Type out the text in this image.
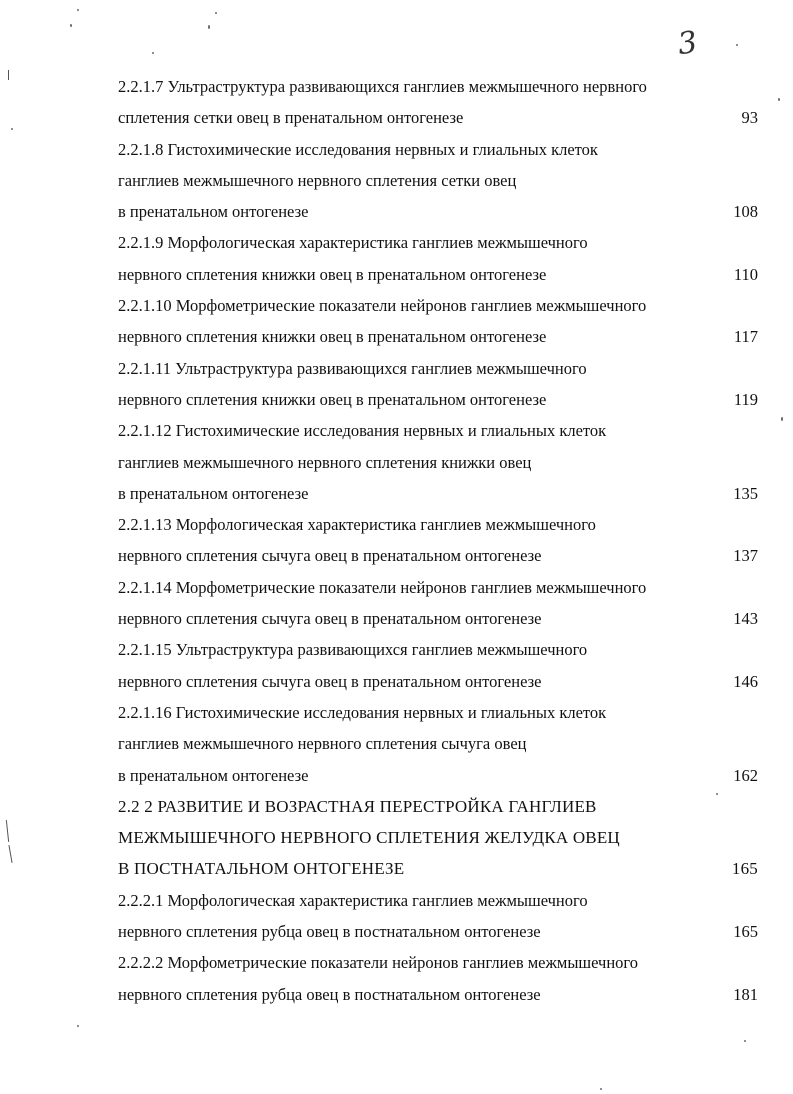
3
2.2.1.7 Ультраструктура развивающихся ганглиев межмышечного нервного
сплетения сетки овец в пренатальном онтогенезе	93
2.2.1.8 Гистохимические исследования нервных и глиальных клеток
ганглиев межмышечного нервного сплетения сетки овец
в пренатальном онтогенезе	108
2.2.1.9 Морфологическая характеристика ганглиев межмышечного
нервного сплетения книжки овец в пренатальном онтогенезе	110
2.2.1.10 Морфометрические показатели нейронов ганглиев межмышечного
нервного сплетения книжки овец в пренатальном онтогенезе	117
2.2.1.11 Ультраструктура развивающихся ганглиев межмышечного
нервного сплетения книжки овец в пренатальном онтогенезе	119
2.2.1.12 Гистохимические исследования нервных и глиальных клеток
ганглиев межмышечного нервного сплетения книжки овец
в пренатальном онтогенезе	135
2.2.1.13 Морфологическая характеристика ганглиев межмышечного
нервного сплетения сычуга овец в пренатальном онтогенезе	137
2.2.1.14 Морфометрические показатели нейронов ганглиев межмышечного
нервного сплетения сычуга овец в пренатальном онтогенезе	143
2.2.1.15 Ультраструктура развивающихся ганглиев межмышечного
нервного сплетения сычуга овец в пренатальном онтогенезе	146
2.2.1.16 Гистохимические исследования нервных и глиальных клеток
ганглиев межмышечного нервного сплетения сычуга овец
в пренатальном онтогенезе	162
2.2 2 РАЗВИТИЕ И ВОЗРАСТНАЯ ПЕРЕСТРОЙКА ГАНГЛИЕВ
МЕЖМЫШЕЧНОГО НЕРВНОГО СПЛЕТЕНИЯ ЖЕЛУДКА ОВЕЦ
В ПОСТНАТАЛЬНОМ ОНТОГЕНЕЗЕ	165
2.2.2.1 Морфологическая характеристика ганглиев межмышечного
нервного сплетения рубца овец в постнатальном онтогенезе	165
2.2.2.2 Морфометрические показатели нейронов ганглиев межмышечного
нервного сплетения рубца овец в постнатальном онтогенезе	181
